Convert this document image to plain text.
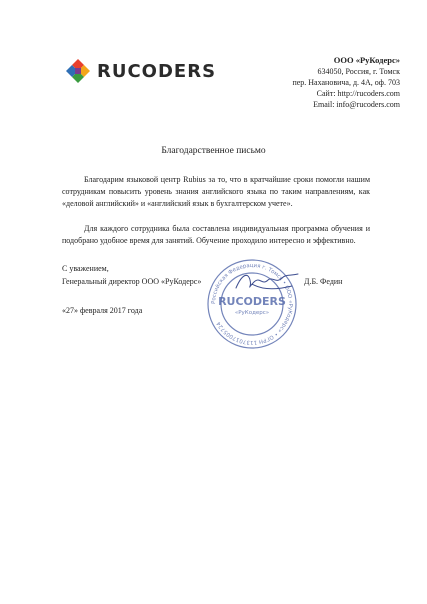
RUCODERS
ООО «РуКодерс»
634050, Россия, г. Томск
пер. Нахановича, д. 4А, оф. 703
Сайт: http://rucoders.com
Email: info@rucoders.com
Благодарственное письмо

Благодарим языковой центр Rubius за то, что в кратчайшие сроки помогли нашим сотрудникам повысить уровень знания английского языка по таким направлениям, как «деловой английский» и «английский язык в бухгалтерском учете».

Для каждого сотрудника была составлена индивидуальная программа обучения и подобрано удобное время для занятий. Обучение проходило интересно и эффективно.

С уважением,
Генеральный директор ООО «РуКодерс»	Д.Б. Федин
«27» февраля 2017 года
Российская Федерация г. Томск • ООО «РуКодерс» • ОГРН 1137017005724
RUCODERS
«РуКодерс»
